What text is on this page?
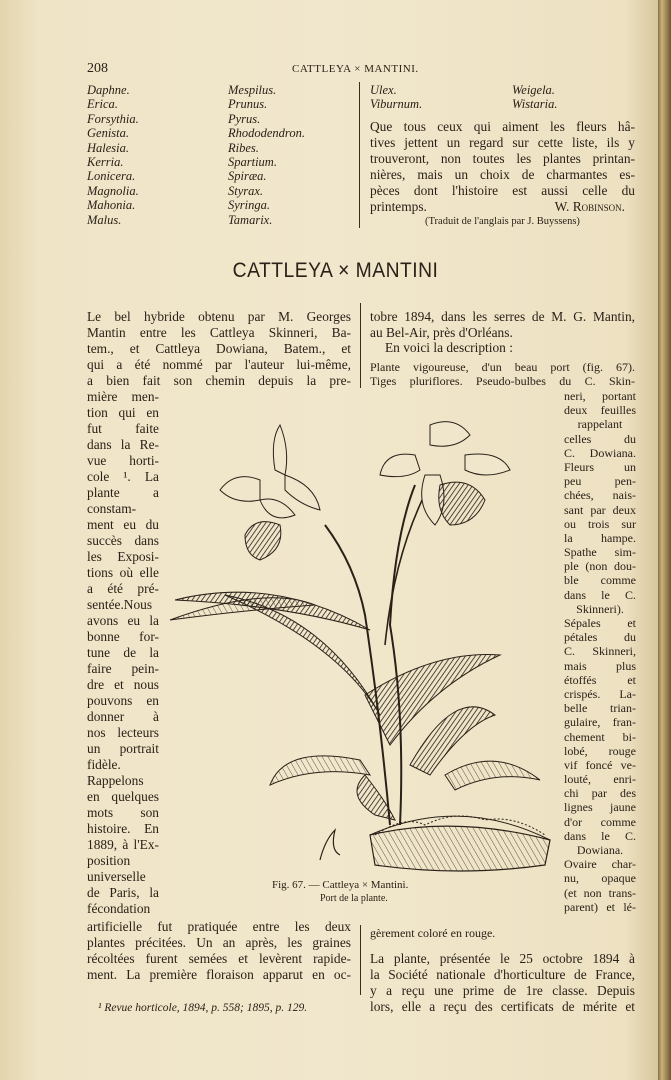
208	CATTLEYA × MANTINI.
Daphne.
Erica.
Forsythia.
Genista.
Halesia.
Kerria.
Lonicera.
Magnolia.
Mahonia.
Malus.
Mespilus.
Prunus.
Pyrus.
Rhododendron.
Ribes.
Spartium.
Spiræa.
Styrax.
Syringa.
Tamarix.
Ulex.
Viburnum.
Weigela.
Wistaria.
Que tous ceux qui aiment les fleurs hâ-
tives jettent un regard sur cette liste, ils y
trouveront, non toutes les plantes printan-
nières, mais un choix de charmantes es-
pèces dont l'histoire est aussi celle du
printemps.	W. Robinson.
(Traduit de l'anglais par J. Buyssens)
CATTLEYA × MANTINI
Le bel hybride obtenu par M. Georges
Mantin entre les Cattleya Skinneri, Ba-
tem., et Cattleya Dowiana, Batem., et
qui a été nommé par l'auteur lui-même,
a bien fait son chemin depuis la pre-
mière men-
tion qui en
fut faite
dans la Re-
vue horti-
cole ¹. La
plante a
constam-
ment eu du
succès dans
les Exposi-
tions où elle
a été pré-
sentée.Nous
avons eu la
bonne for-
tune de la
faire pein-
dre et nous
pouvons en
donner à
nos lecteurs
un portrait
fidèle.
Rappelons
en quelques
mots son
histoire. En
1889, à l'Ex-
position
universelle
de Paris, la
fécondation
artificielle fut pratiquée entre les deux
plantes précitées. Un an après, les graines
récoltées furent semées et levèrent rapide-
ment. La première floraison apparut en oc-
tobre 1894, dans les serres de M. G. Mantin,
au Bel-Air, près d'Orléans.
En voici la description :
Plante vigoureuse, d'un beau port (fig. 67).
Tiges pluriflores. Pseudo-bulbes du C. Skin-
neri, portant
deux feuilles
rappelant
celles du
C. Dowiana.
Fleurs un
peu pen-
chées, nais-
sant par deux
ou trois sur
la hampe.
Spathe sim-
ple (non dou-
ble comme
dans le C.
Skinneri).
Sépales et
pétales du
C. Skinneri,
mais plus
étoffés et
crispés. La-
belle trian-
gulaire, fran-
chement bi-
lobé, rouge
vif foncé ve-
louté, enri-
chi par des
lignes jaune
d'or comme
dans le C.
Dowiana.
Ovaire char-
nu, opaque
(et non trans-
parent) et lé-
gèrement coloré en rouge.
La plante, présentée le 25 octobre 1894 à
la Société nationale d'horticulture de France,
y a reçu une prime de 1re classe. Depuis
lors, elle a reçu des certificats de mérite et
¹ Revue horticole, 1894, p. 558; 1895, p. 129.
Fig. 67. — Cattleya × Mantini.
Port de la plante.
